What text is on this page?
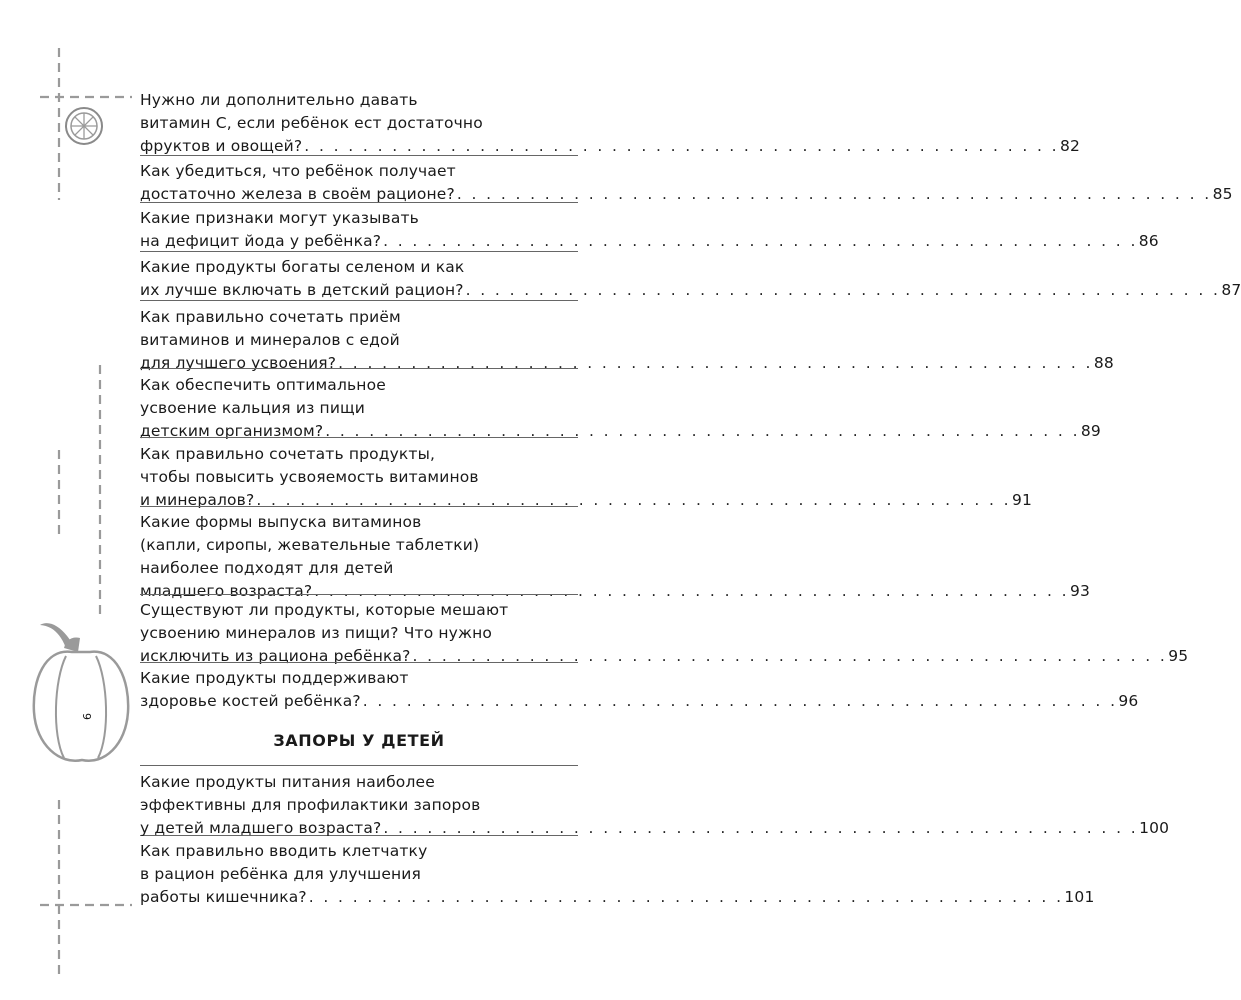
9
Нужно ли дополнительно давать
витамин С, если ребёнок ест достаточно
фруктов и овощей? . . . . . . . . . . . . . . . . . . . . . . . . . . . . . . . . . . . . . . . . . . . . . . . . . . . . 82
Как убедиться, что ребёнок получает
достаточно железа в своём рационе? . . . . . . . . . . . . . . . . . . . . . . . . . . . . . . . . . . . . . . . . . . . . . . . . . . . . 85
Какие признаки могут указывать
на дефицит йода у ребёнка? . . . . . . . . . . . . . . . . . . . . . . . . . . . . . . . . . . . . . . . . . . . . . . . . . . . . 86
Какие продукты богаты селеном и как
их лучше включать в детский рацион? . . . . . . . . . . . . . . . . . . . . . . . . . . . . . . . . . . . . . . . . . . . . . . . . . . . . 87
Как правильно сочетать приём
витаминов и минералов с едой
для лучшего усвоения? . . . . . . . . . . . . . . . . . . . . . . . . . . . . . . . . . . . . . . . . . . . . . . . . . . . . 88
Как обеспечить оптимальное
усвоение кальция из пищи
детским организмом? . . . . . . . . . . . . . . . . . . . . . . . . . . . . . . . . . . . . . . . . . . . . . . . . . . . . 89
Как правильно сочетать продукты,
чтобы повысить усвояемость витаминов
и минералов? . . . . . . . . . . . . . . . . . . . . . . . . . . . . . . . . . . . . . . . . . . . . . . . . . . . . 91
Какие формы выпуска витаминов
(капли, сиропы, жевательные таблетки)
наиболее подходят для детей
младшего возраста? . . . . . . . . . . . . . . . . . . . . . . . . . . . . . . . . . . . . . . . . . . . . . . . . . . . . 93
Существуют ли продукты, которые мешают
усвоению минералов из пищи? Что нужно
исключить из рациона ребёнка? . . . . . . . . . . . . . . . . . . . . . . . . . . . . . . . . . . . . . . . . . . . . . . . . . . . . 95
Какие продукты поддерживают
здоровье костей ребёнка? . . . . . . . . . . . . . . . . . . . . . . . . . . . . . . . . . . . . . . . . . . . . . . . . . . . . 96
Какие продукты питания наиболее
эффективны для профилактики запоров
у детей младшего возраста? . . . . . . . . . . . . . . . . . . . . . . . . . . . . . . . . . . . . . . . . . . . . . . . . . . . . 100
Как правильно вводить клетчатку
в рацион ребёнка для улучшения
работы кишечника? . . . . . . . . . . . . . . . . . . . . . . . . . . . . . . . . . . . . . . . . . . . . . . . . . . . . 101
ЗАПОРЫ У ДЕТЕЙ
